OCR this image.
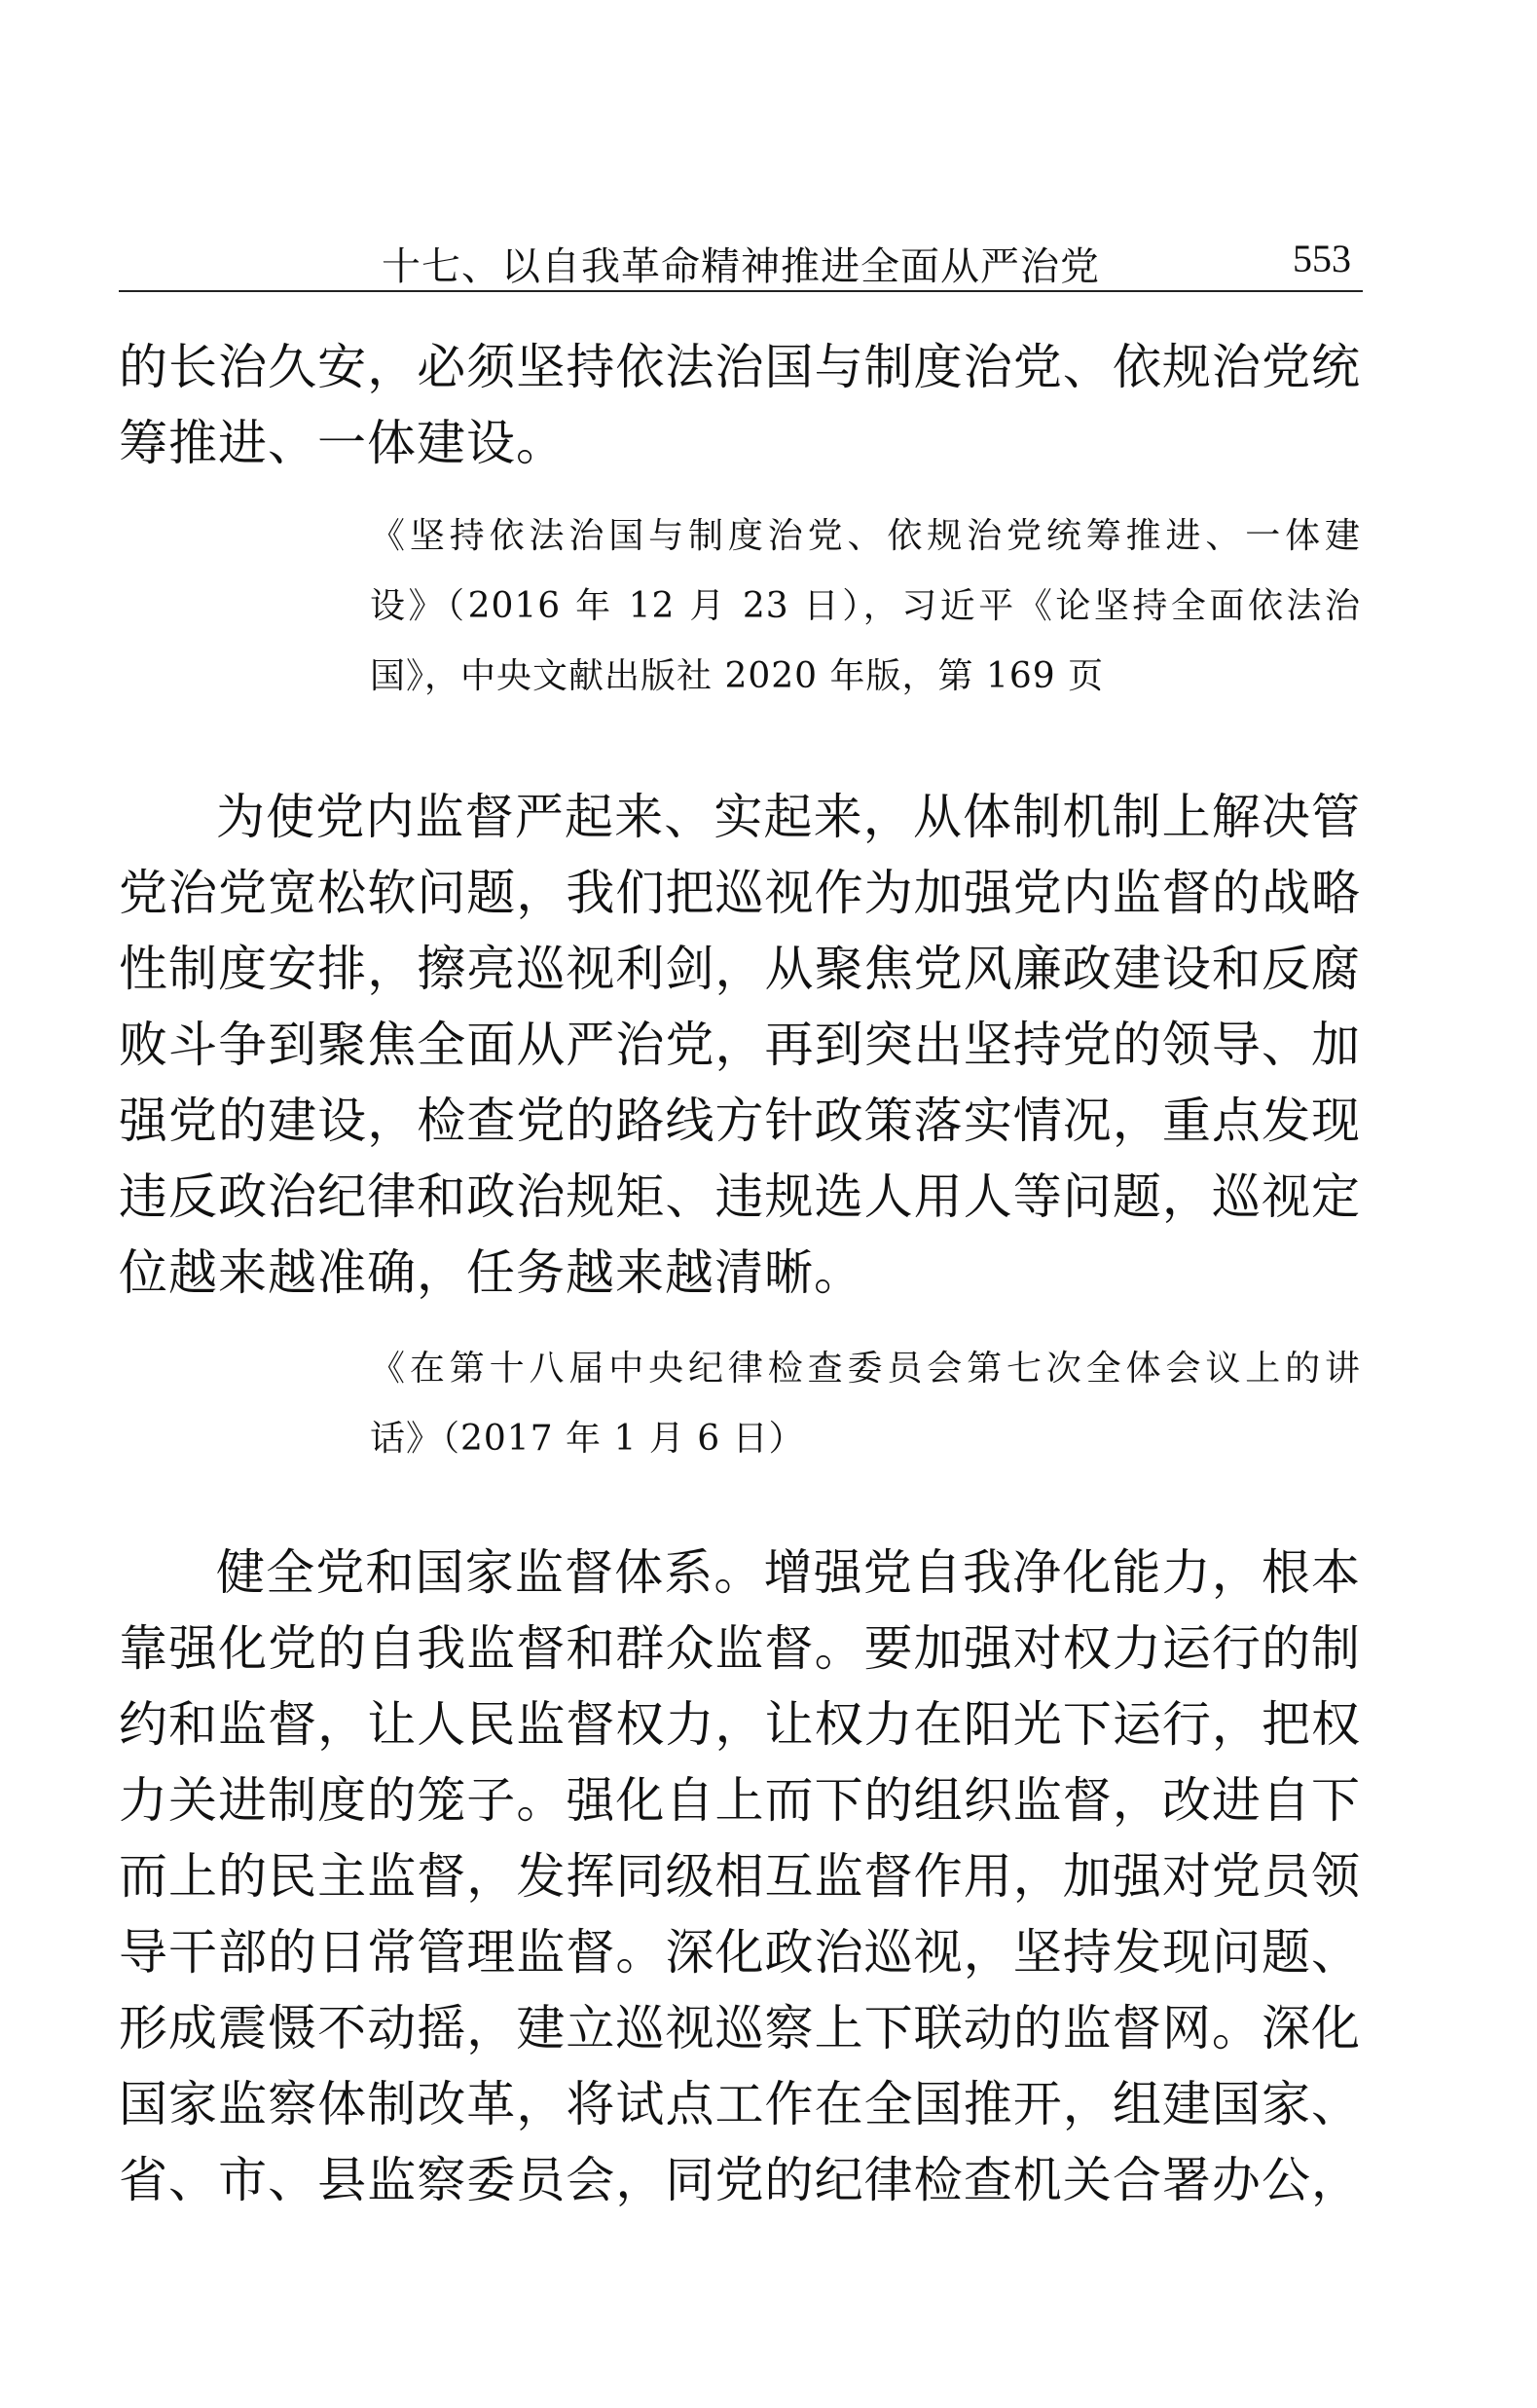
十七、以自我革命精神推进全面从严治党	553
的长治久安，必须坚持依法治国与制度治党、依规治党统
筹推进、一体建设。
《坚持依法治国与制度治党、依规治党统筹推进、一体建
设》（2016 年 12 月 23 日），习近平《论坚持全面依法治
国》，中央文献出版社 2020 年版，第 169 页
为使党内监督严起来、实起来，从体制机制上解决管
党治党宽松软问题，我们把巡视作为加强党内监督的战略
性制度安排，擦亮巡视利剑，从聚焦党风廉政建设和反腐
败斗争到聚焦全面从严治党，再到突出坚持党的领导、加
强党的建设，检查党的路线方针政策落实情况，重点发现
违反政治纪律和政治规矩、违规选人用人等问题，巡视定
位越来越准确，任务越来越清晰。
《在第十八届中央纪律检查委员会第七次全体会议上的讲
话》（2017 年 1 月 6 日）
健全党和国家监督体系。增强党自我净化能力，根本
靠强化党的自我监督和群众监督。要加强对权力运行的制
约和监督，让人民监督权力，让权力在阳光下运行，把权
力关进制度的笼子。强化自上而下的组织监督，改进自下
而上的民主监督，发挥同级相互监督作用，加强对党员领
导干部的日常管理监督。深化政治巡视，坚持发现问题、
形成震慑不动摇，建立巡视巡察上下联动的监督网。深化
国家监察体制改革，将试点工作在全国推开，组建国家、
省、市、县监察委员会，同党的纪律检查机关合署办公，
